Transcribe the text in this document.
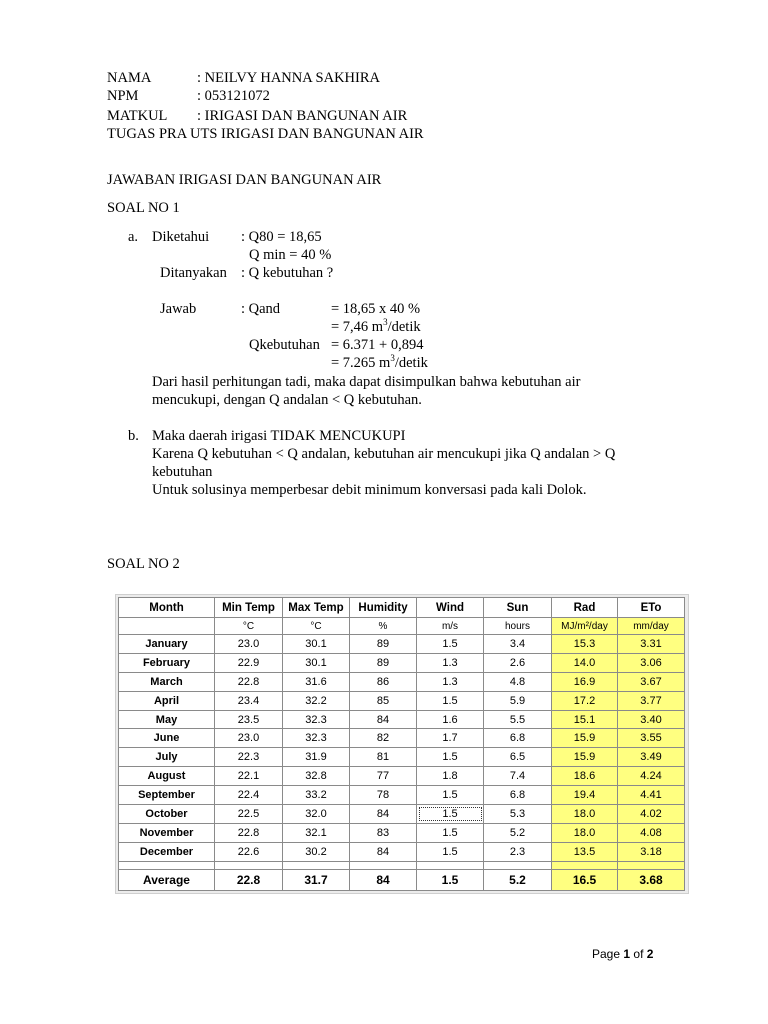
NAMA	: NEILVY HANNA SAKHIRA
NPM	: 053121072
MATKUL : IRIGASI DAN BANGUNAN AIR
TUGAS PRA UTS IRIGASI DAN BANGUNAN AIR
JAWABAN IRIGASI DAN BANGUNAN AIR
SOAL NO 1
a. Diketahui : Q80 = 18,65
Q min = 40 %
Ditanyakan : Q kebutuhan ?
Jawab	: Qand	= 18,65 x 40 %
= 7,46 $m^3$/detik
Qkebutuhan = 6.371 + 0,894
= 7.265 $m^3$/detik
Dari hasil perhitungan tadi, maka dapat disimpulkan bahwa kebutuhan air
mencukupi, dengan Q andalan < Q kebutuhan.
b. Maka daerah irigasi TIDAK MENCUKUPI
Karena Q kebutuhan < Q andalan, kebutuhan air mencukupi jika Q andalan > Q
kebutuhan
Untuk solusinya memperbesar debit minimum konversasi pada kali Dolok.
SOAL NO 2
Month	Min Temp	Max Temp	Humidity	Wind	Sun	Rad	ETo
	°C	°C	%	m/s	hours	MJ/m²/day	mm/day
January	23.0	30.1	89	1.5	3.4	15.3	3.31
February	22.9	30.1	89	1.3	2.6	14.0	3.06
March	22.8	31.6	86	1.3	4.8	16.9	3.67
April	23.4	32.2	85	1.5	5.9	17.2	3.77
May	23.5	32.3	84	1.6	5.5	15.1	3.40
June	23.0	32.3	82	1.7	6.8	15.9	3.55
July	22.3	31.9	81	1.5	6.5	15.9	3.49
August	22.1	32.8	77	1.8	7.4	18.6	4.24
September	22.4	33.2	78	1.5	6.8	19.4	4.41
October	22.5	32.0	84	1.5	5.3	18.0	4.02
November	22.8	32.1	83	1.5	5.2	18.0	4.08
December	22.6	30.2	84	1.5	2.3	13.5	3.18

Average	22.8	31.7	84	1.5	5.2	16.5	3.68
Page 1 of 2
